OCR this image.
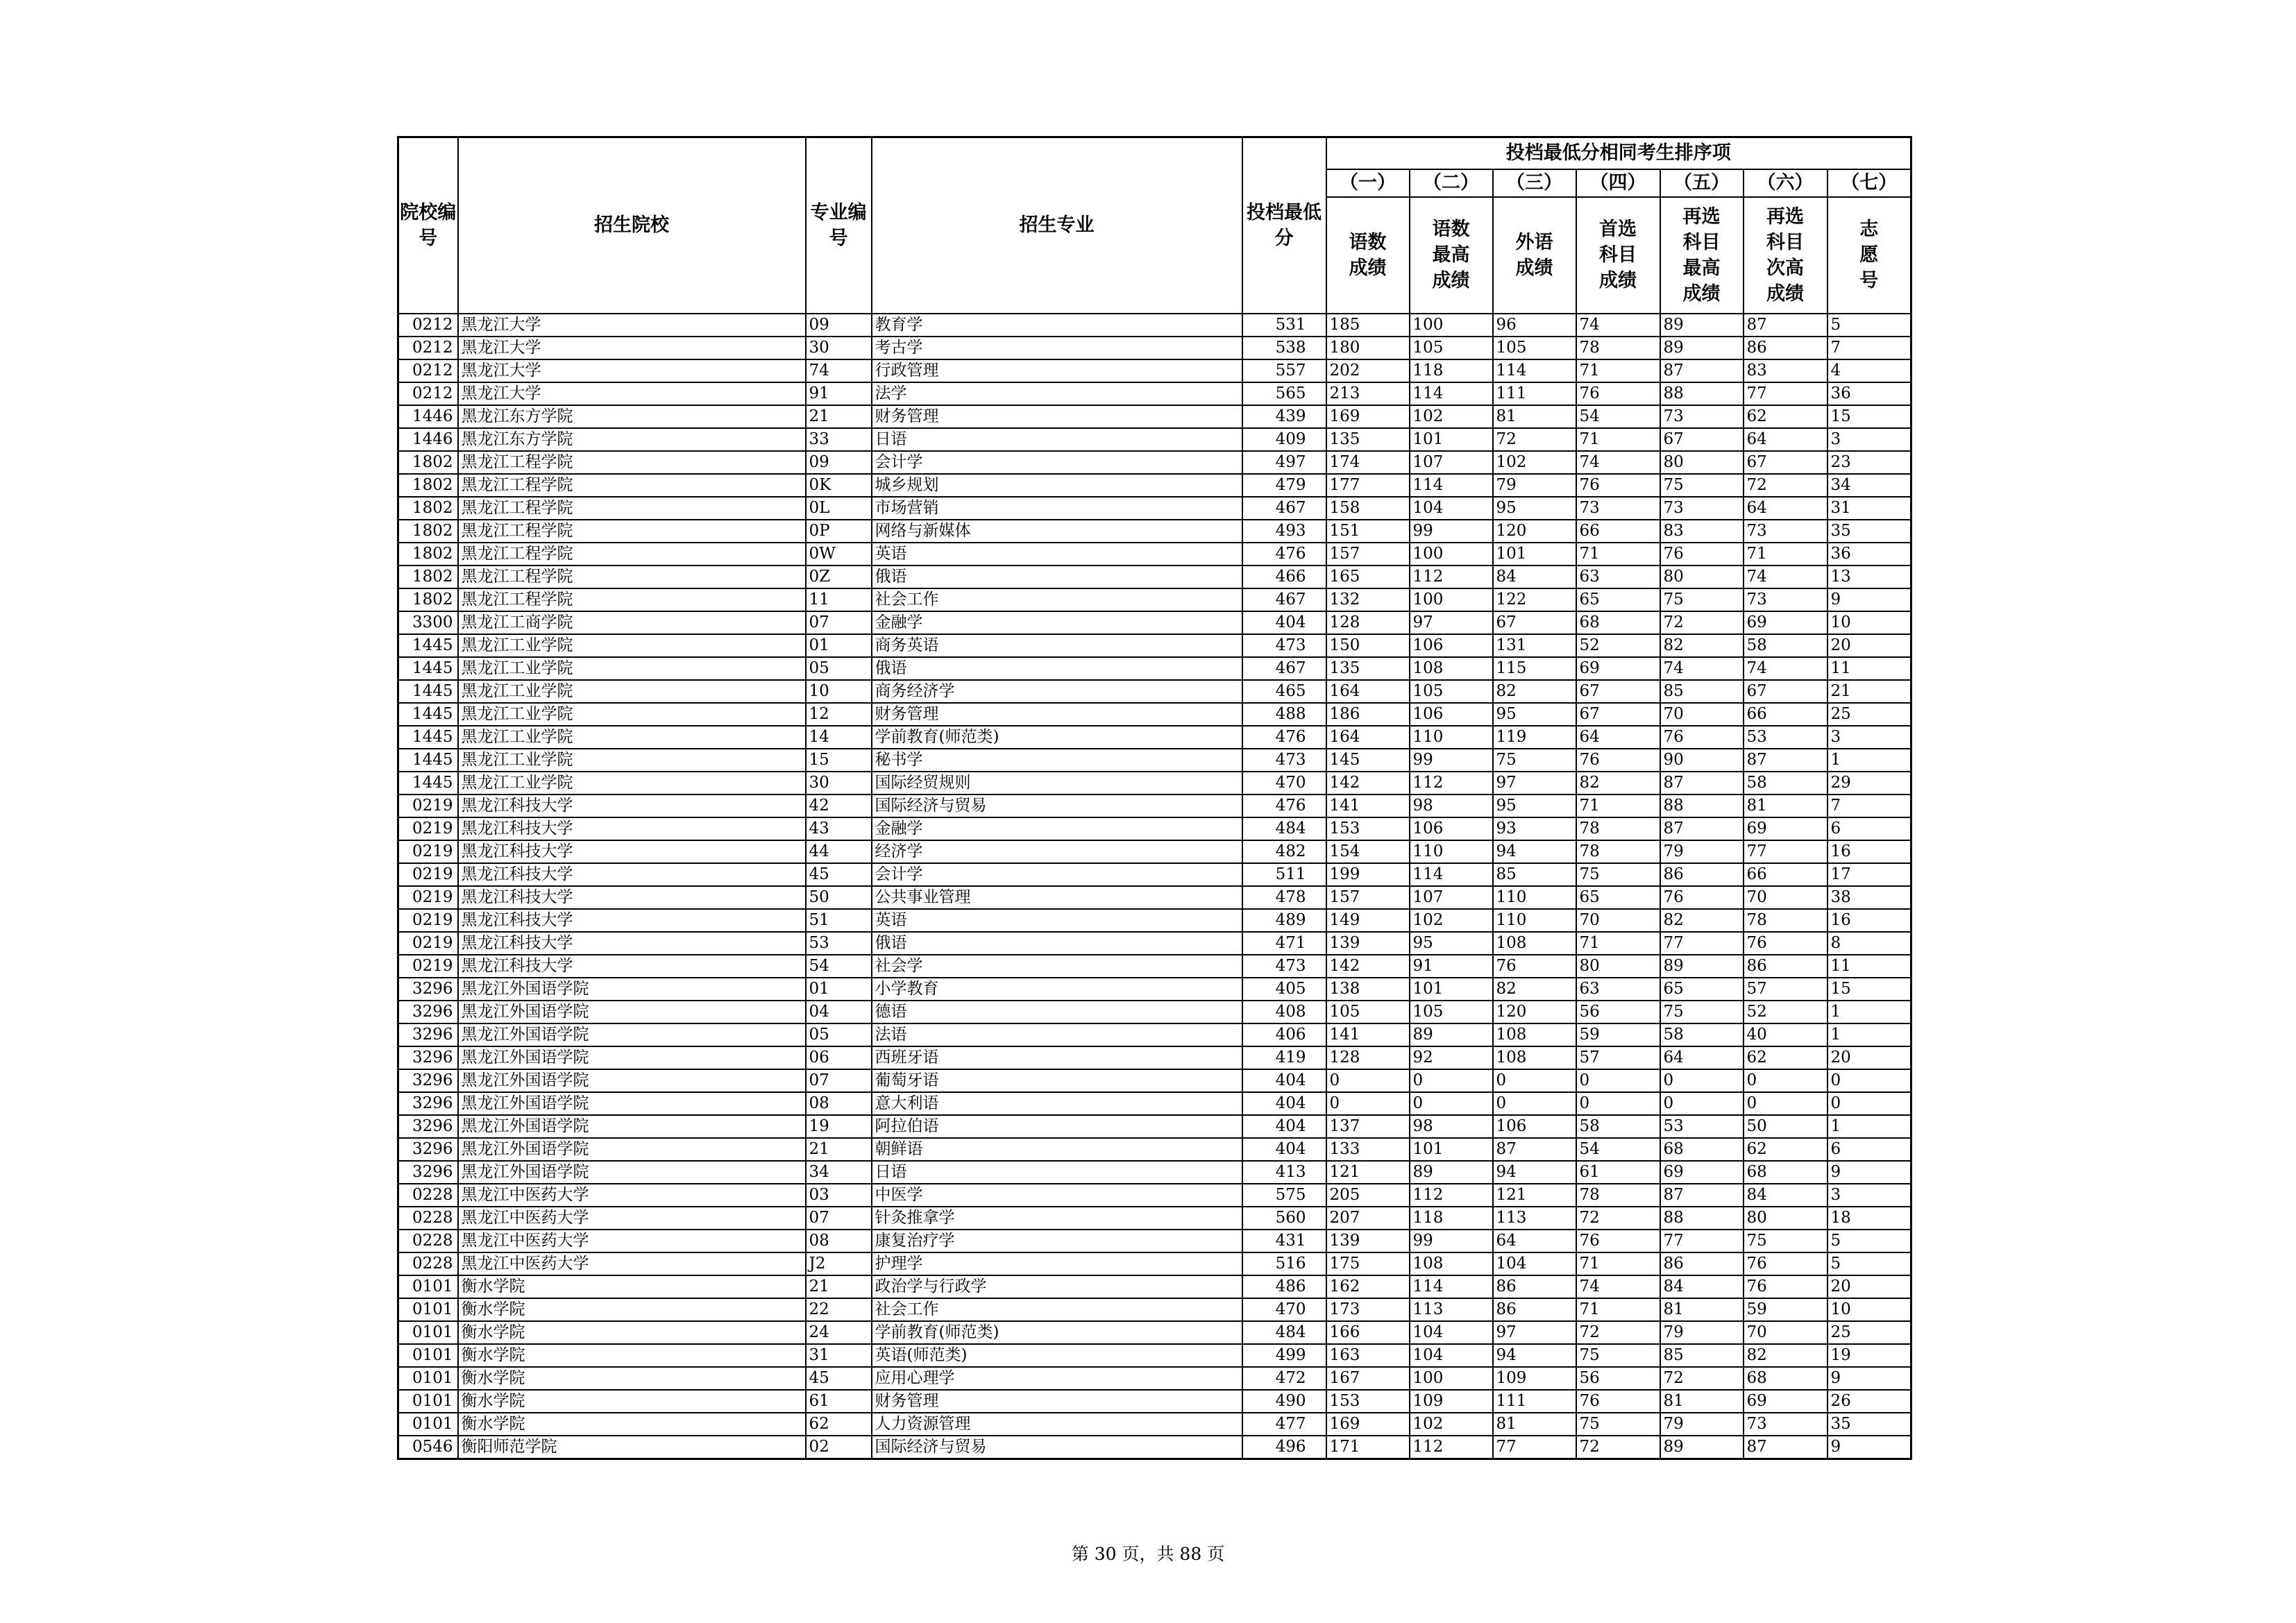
院校编号	招生院校	专业编号	招生专业	投档最低分	投档最低分相同考生排序项						
					（一）	（二）	（三）	（四）	（五）	（六）	（七）
					语数成绩	语数最高成绩	外语成绩	首选科目成绩	再选科目最高成绩	再选科目次高成绩	志愿号
0212	黑龙江大学	09	教育学	531	185	100	96	74	89	87	5
0212	黑龙江大学	30	考古学	538	180	105	105	78	89	86	7
0212	黑龙江大学	74	行政管理	557	202	118	114	71	87	83	4
0212	黑龙江大学	91	法学	565	213	114	111	76	88	77	36
1446	黑龙江东方学院	21	财务管理	439	169	102	81	54	73	62	15
1446	黑龙江东方学院	33	日语	409	135	101	72	71	67	64	3
1802	黑龙江工程学院	09	会计学	497	174	107	102	74	80	67	23
1802	黑龙江工程学院	0K	城乡规划	479	177	114	79	76	75	72	34
1802	黑龙江工程学院	0L	市场营销	467	158	104	95	73	73	64	31
1802	黑龙江工程学院	0P	网络与新媒体	493	151	99	120	66	83	73	35
1802	黑龙江工程学院	0W	英语	476	157	100	101	71	76	71	36
1802	黑龙江工程学院	0Z	俄语	466	165	112	84	63	80	74	13
1802	黑龙江工程学院	11	社会工作	467	132	100	122	65	75	73	9
3300	黑龙江工商学院	07	金融学	404	128	97	67	68	72	69	10
1445	黑龙江工业学院	01	商务英语	473	150	106	131	52	82	58	20
1445	黑龙江工业学院	05	俄语	467	135	108	115	69	74	74	11
1445	黑龙江工业学院	10	商务经济学	465	164	105	82	67	85	67	21
1445	黑龙江工业学院	12	财务管理	488	186	106	95	67	70	66	25
1445	黑龙江工业学院	14	学前教育(师范类)	476	164	110	119	64	76	53	3
1445	黑龙江工业学院	15	秘书学	473	145	99	75	76	90	87	1
1445	黑龙江工业学院	30	国际经贸规则	470	142	112	97	82	87	58	29
0219	黑龙江科技大学	42	国际经济与贸易	476	141	98	95	71	88	81	7
0219	黑龙江科技大学	43	金融学	484	153	106	93	78	87	69	6
0219	黑龙江科技大学	44	经济学	482	154	110	94	78	79	77	16
0219	黑龙江科技大学	45	会计学	511	199	114	85	75	86	66	17
0219	黑龙江科技大学	50	公共事业管理	478	157	107	110	65	76	70	38
0219	黑龙江科技大学	51	英语	489	149	102	110	70	82	78	16
0219	黑龙江科技大学	53	俄语	471	139	95	108	71	77	76	8
0219	黑龙江科技大学	54	社会学	473	142	91	76	80	89	86	11
3296	黑龙江外国语学院	01	小学教育	405	138	101	82	63	65	57	15
3296	黑龙江外国语学院	04	德语	408	105	105	120	56	75	52	1
3296	黑龙江外国语学院	05	法语	406	141	89	108	59	58	40	1
3296	黑龙江外国语学院	06	西班牙语	419	128	92	108	57	64	62	20
3296	黑龙江外国语学院	07	葡萄牙语	404	0	0	0	0	0	0	0
3296	黑龙江外国语学院	08	意大利语	404	0	0	0	0	0	0	0
3296	黑龙江外国语学院	19	阿拉伯语	404	137	98	106	58	53	50	1
3296	黑龙江外国语学院	21	朝鲜语	404	133	101	87	54	68	62	6
3296	黑龙江外国语学院	34	日语	413	121	89	94	61	69	68	9
0228	黑龙江中医药大学	03	中医学	575	205	112	121	78	87	84	3
0228	黑龙江中医药大学	07	针灸推拿学	560	207	118	113	72	88	80	18
0228	黑龙江中医药大学	08	康复治疗学	431	139	99	64	76	77	75	5
0228	黑龙江中医药大学	J2	护理学	516	175	108	104	71	86	76	5
0101	衡水学院	21	政治学与行政学	486	162	114	86	74	84	76	20
0101	衡水学院	22	社会工作	470	173	113	86	71	81	59	10
0101	衡水学院	24	学前教育(师范类)	484	166	104	97	72	79	70	25
0101	衡水学院	31	英语(师范类)	499	163	104	94	75	85	82	19
0101	衡水学院	45	应用心理学	472	167	100	109	56	72	68	9
0101	衡水学院	61	财务管理	490	153	109	111	76	81	69	26
0101	衡水学院	62	人力资源管理	477	169	102	81	75	79	73	35
0546	衡阳师范学院	02	国际经济与贸易	496	171	112	77	72	89	87	9
第 30 页，共 88 页
